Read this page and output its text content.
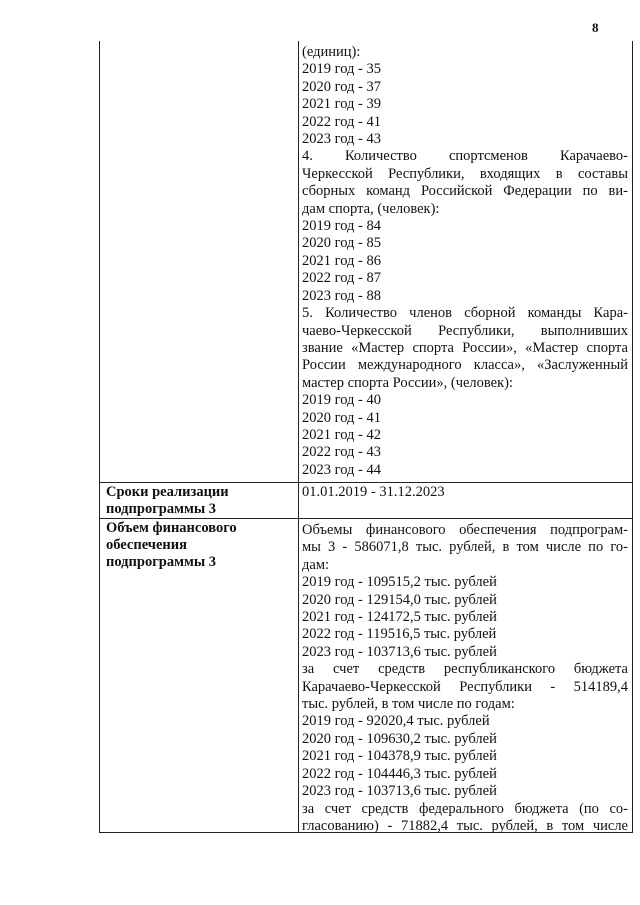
8
(единиц):
2019 год - 35
2020 год - 37
2021 год - 39
2022 год - 41
2023 год - 43
4. Количество спортсменов Карачаево-
Черкесской Республики, входящих в составы
сборных команд Российской Федерации по ви-
дам спорта, (человек):
2019 год - 84
2020 год - 85
2021 год - 86
2022 год - 87
2023 год - 88
5. Количество членов сборной команды Кара-
чаево-Черкесской Республики, выполнивших
звание «Мастер спорта России», «Мастер спорта
России международного класса», «Заслуженный
мастер спорта России», (человек):
2019 год - 40
2020 год - 41
2021 год - 42
2022 год - 43
2023 год - 44
Сроки реализации
подпрограммы 3
01.01.2019 - 31.12.2023
Объем финансового
обеспечения
подпрограммы 3
Объемы финансового обеспечения подпрограм-
мы 3 - 586071,8 тыс. рублей, в том числе по го-
дам:
2019 год - 109515,2 тыс. рублей
2020 год - 129154,0 тыс. рублей
2021 год - 124172,5 тыс. рублей
2022 год - 119516,5 тыс. рублей
2023 год - 103713,6 тыс. рублей
за счет средств республиканского бюджета
Карачаево-Черкесской Республики - 514189,4
тыс. рублей, в том числе по годам:
2019 год - 92020,4 тыс. рублей
2020 год - 109630,2 тыс. рублей
2021 год - 104378,9 тыс. рублей
2022 год - 104446,3 тыс. рублей
2023 год - 103713,6 тыс. рублей
за счет средств федерального бюджета (по со-
гласованию) - 71882,4 тыс. рублей, в том числе
